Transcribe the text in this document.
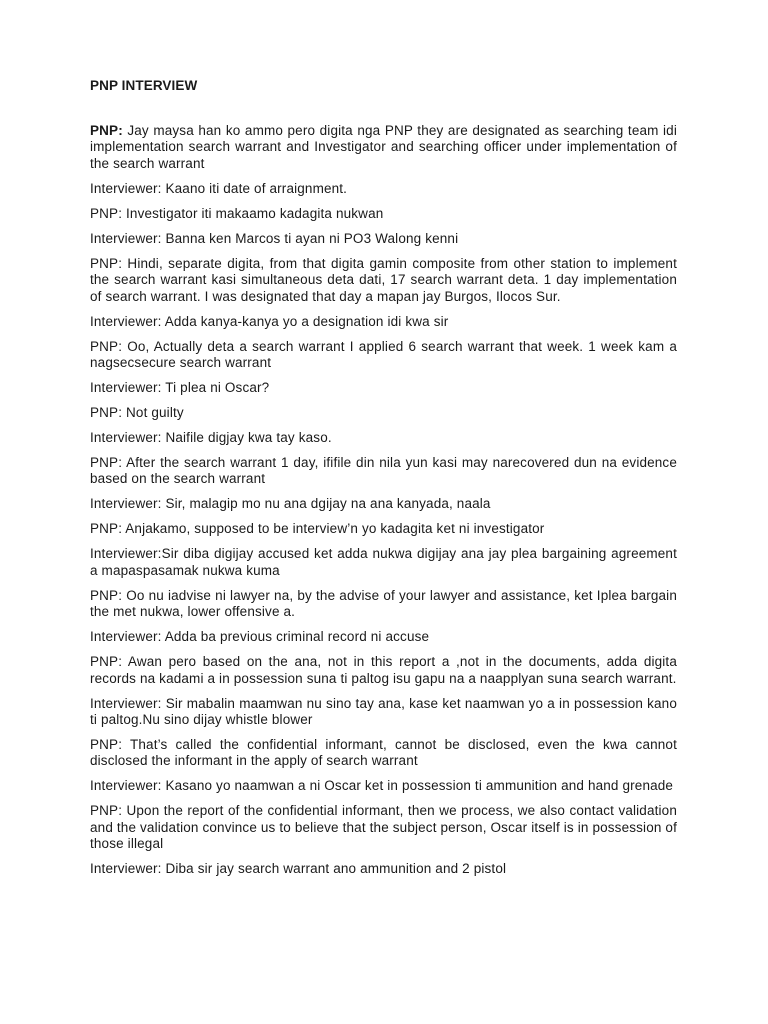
PNP INTERVIEW
PNP: Jay maysa han ko ammo pero digita nga PNP they are designated as searching team idi implementation search warrant and Investigator and searching officer under implementation of the search warrant
Interviewer: Kaano iti date of arraignment.
PNP: Investigator iti makaamo kadagita nukwan
Interviewer: Banna ken Marcos ti ayan ni PO3 Walong kenni
PNP: Hindi, separate digita, from that digita gamin composite from other station to implement the search warrant kasi simultaneous deta dati, 17 search warrant deta. 1 day implementation of search warrant. I was designated that day a mapan jay Burgos, Ilocos Sur.
Interviewer: Adda kanya-kanya yo a designation idi kwa sir
PNP: Oo, Actually deta a search warrant I applied 6 search warrant that week. 1 week kam a nagsecsecure search warrant
Interviewer: Ti plea ni Oscar?
PNP: Not guilty
Interviewer: Naifile digjay kwa tay kaso.
PNP: After the search warrant 1 day, ififile din nila yun kasi may narecovered dun na evidence based on the search warrant
Interviewer: Sir, malagip mo nu ana dgijay na ana kanyada, naala
PNP: Anjakamo, supposed to be interview’n yo kadagita ket ni investigator
Interviewer:Sir diba digijay accused ket adda nukwa digijay ana jay plea bargaining agreement a mapaspasamak nukwa kuma
PNP: Oo nu iadvise ni lawyer na, by the advise of your lawyer and assistance, ket Iplea bargain the met nukwa, lower offensive a.
Interviewer: Adda ba previous criminal record ni accuse
PNP: Awan pero based on the ana, not in this report a ,not in the documents, adda digita records na kadami a in possession suna ti paltog isu gapu na a naapplyan suna search warrant.
Interviewer: Sir mabalin maamwan nu sino tay ana, kase ket naamwan yo a in possession kano ti paltog.Nu sino dijay whistle blower
PNP: That’s called the confidential informant, cannot be disclosed, even the kwa cannot disclosed the informant in the apply of search warrant
Interviewer: Kasano yo naamwan a ni Oscar ket in possession ti ammunition and hand grenade
PNP: Upon the report of the confidential informant, then we process, we also contact validation and the validation convince us to believe that the subject person, Oscar itself is in possession of those illegal
Interviewer: Diba sir jay search warrant ano ammunition and 2 pistol
